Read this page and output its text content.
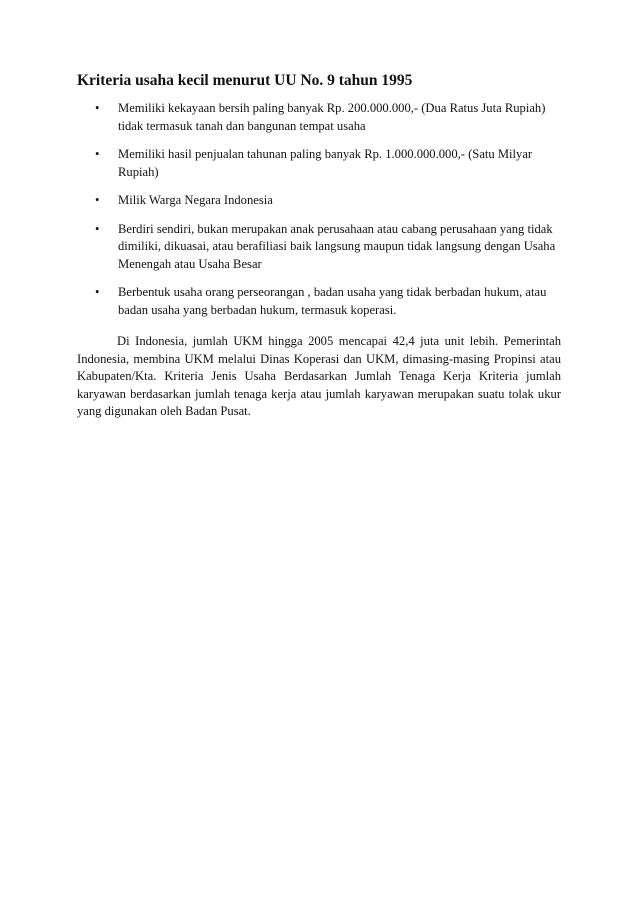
Kriteria usaha kecil menurut UU No. 9 tahun 1995
• Memiliki kekayaan bersih paling banyak Rp. 200.000.000,- (Dua Ratus Juta Rupiah) tidak termasuk tanah dan bangunan tempat usaha
• Memiliki hasil penjualan tahunan paling banyak Rp. 1.000.000.000,- (Satu Milyar Rupiah)
• Milik Warga Negara Indonesia
• Berdiri sendiri, bukan merupakan anak perusahaan atau cabang perusahaan yang tidak dimiliki, dikuasai, atau berafiliasi baik langsung maupun tidak langsung dengan Usaha Menengah atau Usaha Besar
• Berbentuk usaha orang perseorangan , badan usaha yang tidak berbadan hukum, atau badan usaha yang berbadan hukum, termasuk koperasi.

Di Indonesia, jumlah UKM hingga 2005 mencapai 42,4 juta unit lebih. Pemerintah Indonesia, membina UKM melalui Dinas Koperasi dan UKM, dimasing-masing Propinsi atau Kabupaten/Kta. Kriteria Jenis Usaha Berdasarkan Jumlah Tenaga Kerja Kriteria jumlah karyawan berdasarkan jumlah tenaga kerja atau jumlah karyawan merupakan suatu tolak ukur yang digunakan oleh Badan Pusat.
